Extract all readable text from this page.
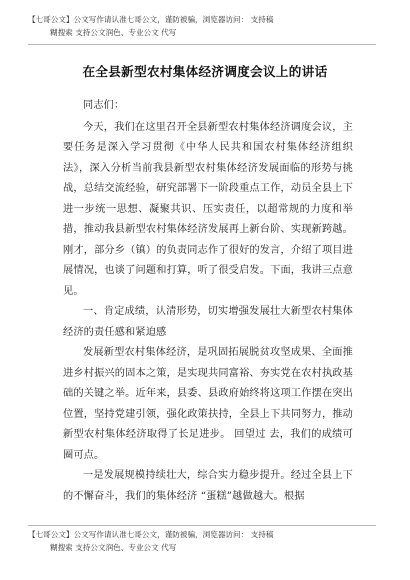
【七哥公文】公文写作请认准七哥公文，谨防被骗，浏览器访问： 支持稿
糊搜索 支持公文润色、专业公文 代写
在全县新型农村集体经济调度会议上的讲话

同志们：

今天，我们在这里召开全县新型农村集体经济调度会议，主要任务是深入学习贯彻《中华人民共和国农村集体经济组织法》，深入分析当前我县新型农村集体经济发展面临的形势与挑战，总结交流经验，研究部署下一阶段重点工作，动员全县上下进一步统一思想、凝聚共识、压实责任，以超常规的力度和举措，推动我县新型农村集体经济发展再上新台阶、实现新跨越。刚才，部分乡（镇）的负责同志作了很好的发言，介绍了项目进展情况，也谈了问题和打算，听了很受启发。下面，我讲三点意见。

一、肯定成绩，认清形势，切实增强发展壮大新型农村集体经济的责任感和紧迫感

发展新型农村集体经济，是巩固拓展脱贫攻坚成果、全面推进乡村振兴的固本之策，是实现共同富裕、夯实党在农村执政基础的关键之举。近年来，县委、县政府始终将这项工作摆在突出位置，坚持党建引领，强化政策扶持，全县上下共同努力，推动新型农村集体经济取得了长足进步。 回望过 去，我们的成绩可圈可点。

一是发展规模持续壮大，综合实力稳步提升。经过全县上下的不懈奋斗，我们的集体经济 “蛋糕”越做越大。根据

【七哥公文】公文写作请认准七哥公文，谨防被骗，浏览器访问： 支持稿
糊搜索 支持公文润色、专业公文 代写
